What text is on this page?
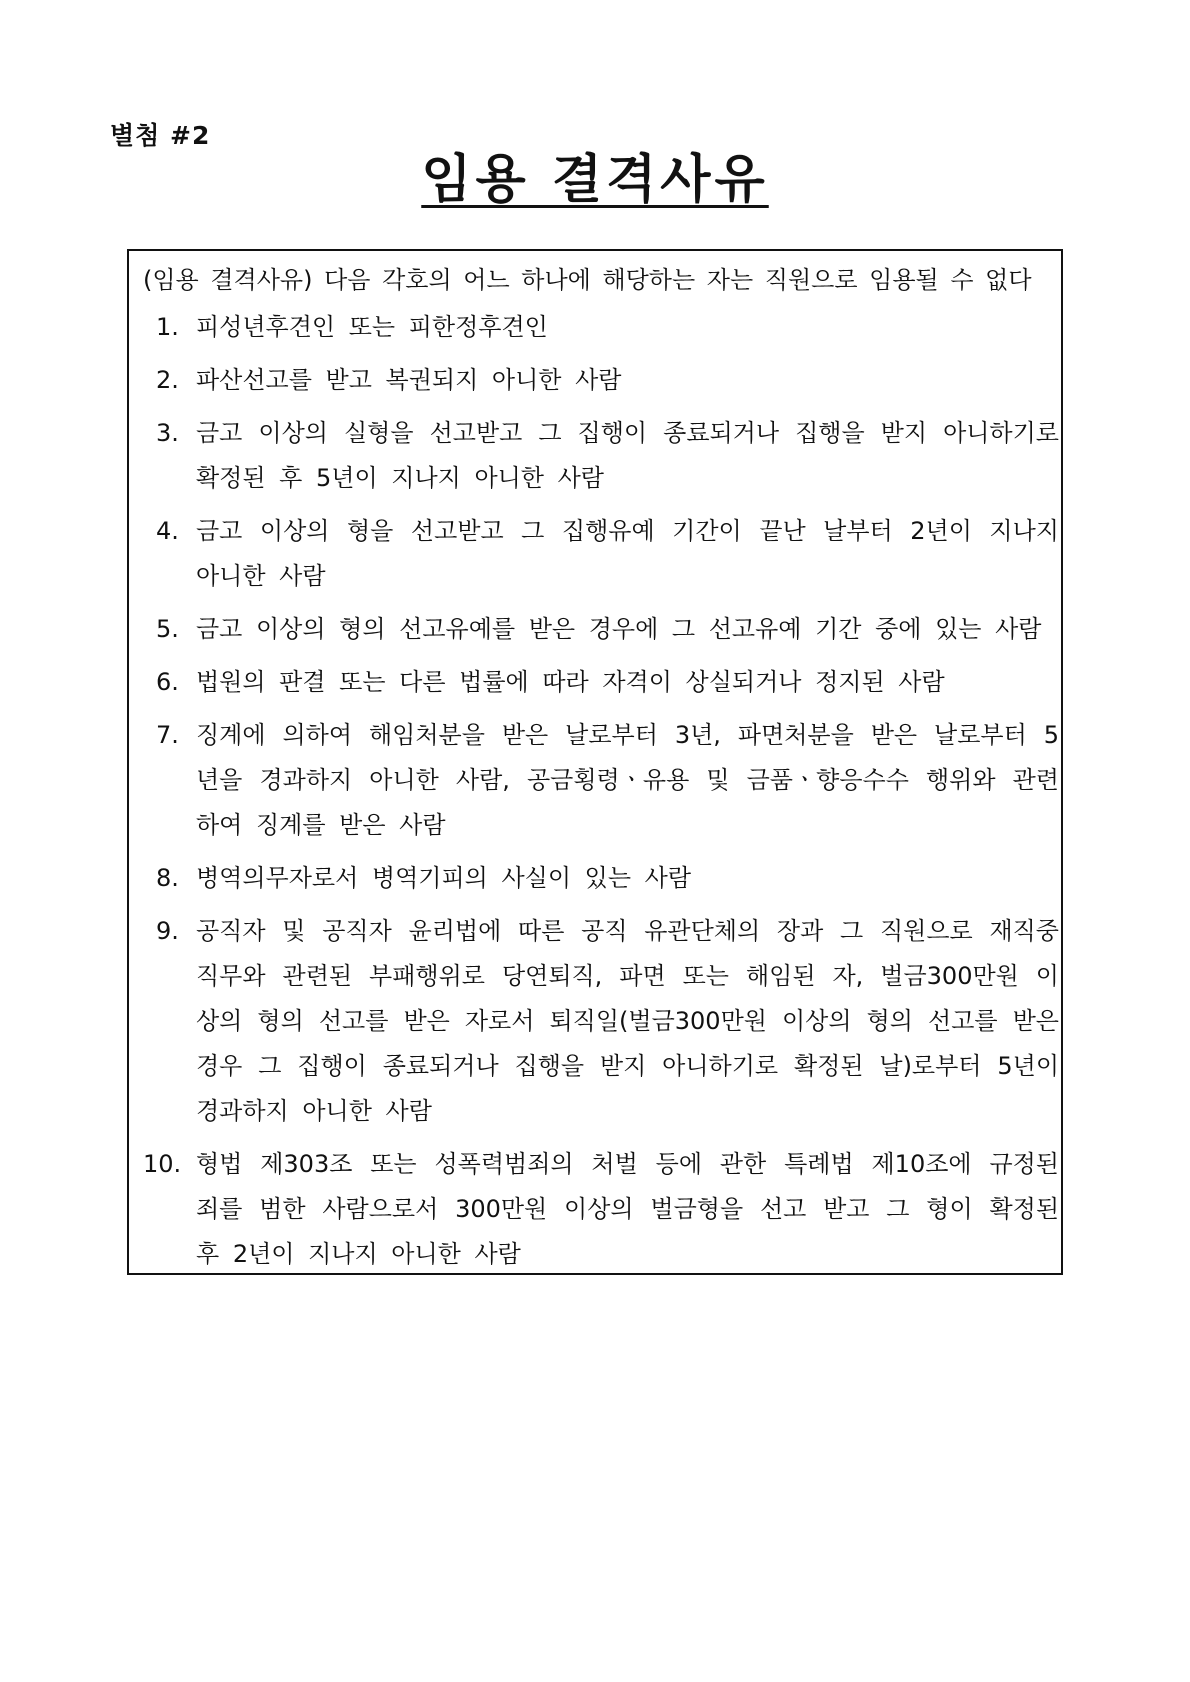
별첨 #2
임용 결격사유
(임용 결격사유) 다음 각호의 어느 하나에 해당하는 자는 직원으로 임용될 수 없다
1. 피성년후견인 또는 피한정후견인
2. 파산선고를 받고 복권되지 아니한 사람
3. 금고 이상의 실형을 선고받고 그 집행이 종료되거나 집행을 받지 아니하기로
확정된 후 5년이 지나지 아니한 사람
4. 금고 이상의 형을 선고받고 그 집행유예 기간이 끝난 날부터 2년이 지나지
아니한 사람
5. 금고 이상의 형의 선고유예를 받은 경우에 그 선고유예 기간 중에 있는 사람
6. 법원의 판결 또는 다른 법률에 따라 자격이 상실되거나 정지된 사람
7. 징계에 의하여 해임처분을 받은 날로부터 3년, 파면처분을 받은 날로부터 5
년을 경과하지 아니한 사람, 공금횡령ㆍ유용 및 금품ㆍ향응수수 행위와 관련
하여 징계를 받은 사람
8. 병역의무자로서 병역기피의 사실이 있는 사람
9. 공직자 및 공직자 윤리법에 따른 공직 유관단체의 장과 그 직원으로 재직중
직무와 관련된 부패행위로 당연퇴직, 파면 또는 해임된 자, 벌금300만원 이
상의 형의 선고를 받은 자로서 퇴직일(벌금300만원 이상의 형의 선고를 받은
경우 그 집행이 종료되거나 집행을 받지 아니하기로 확정된 날)로부터 5년이
경과하지 아니한 사람
10. 형법 제303조 또는 성폭력범죄의 처벌 등에 관한 특례법 제10조에 규정된
죄를 범한 사람으로서 300만원 이상의 벌금형을 선고 받고 그 형이 확정된
후 2년이 지나지 아니한 사람
